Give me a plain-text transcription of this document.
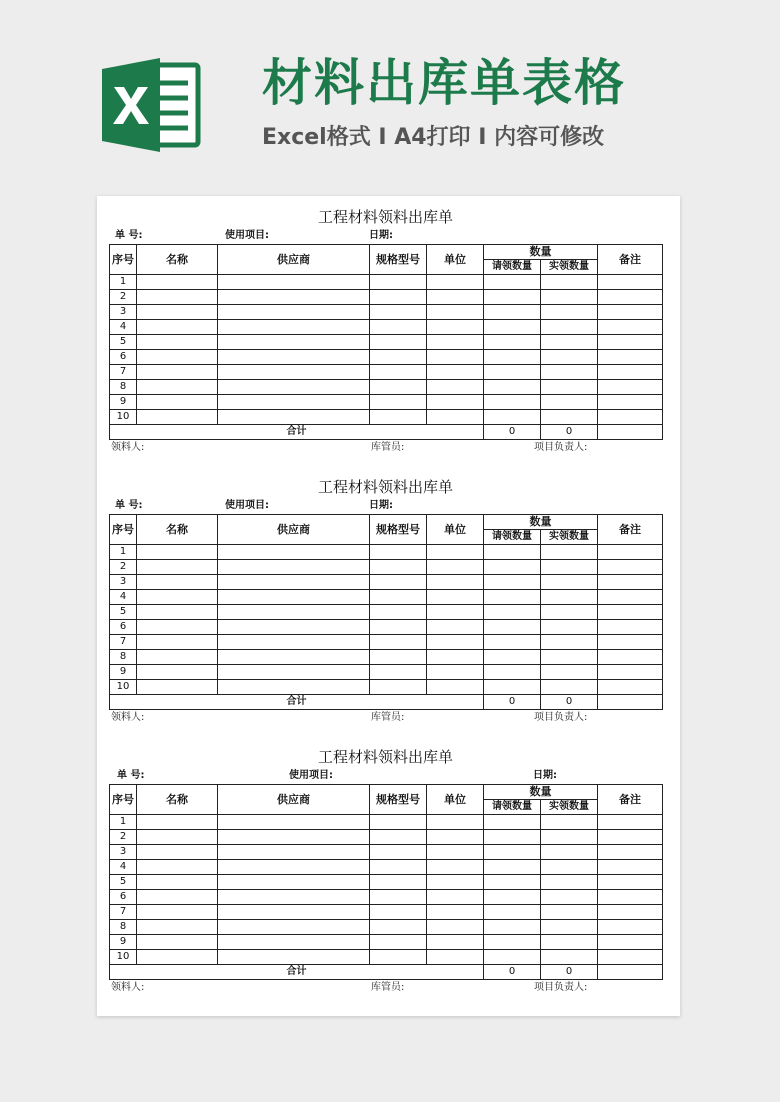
材料出库单表格
Excel格式 I A4打印 I 内容可修改
工程材料领料出库单
单 号:	使用项目:	日期:
序号	名称	供应商	规格型号	单位	数量		备注
					请领数量	实领数量	
1							
2							
3							
4							
5							
6							
7							
8							
9							
10							
合计					0	0	
领料人:	库管员:	项目负责人:
工程材料领料出库单
单 号:	使用项目:	日期:
序号	名称	供应商	规格型号	单位	数量		备注
					请领数量	实领数量	
1							
2							
3							
4							
5							
6							
7							
8							
9							
10							
合计					0	0	
领料人:	库管员:	项目负责人:
工程材料领料出库单
单 号:	使用项目:	日期:
序号	名称	供应商	规格型号	单位	数量		备注
					请领数量	实领数量	
1							
2							
3							
4							
5							
6							
7							
8							
9							
10							
合计					0	0	
领料人:	库管员:	项目负责人:
